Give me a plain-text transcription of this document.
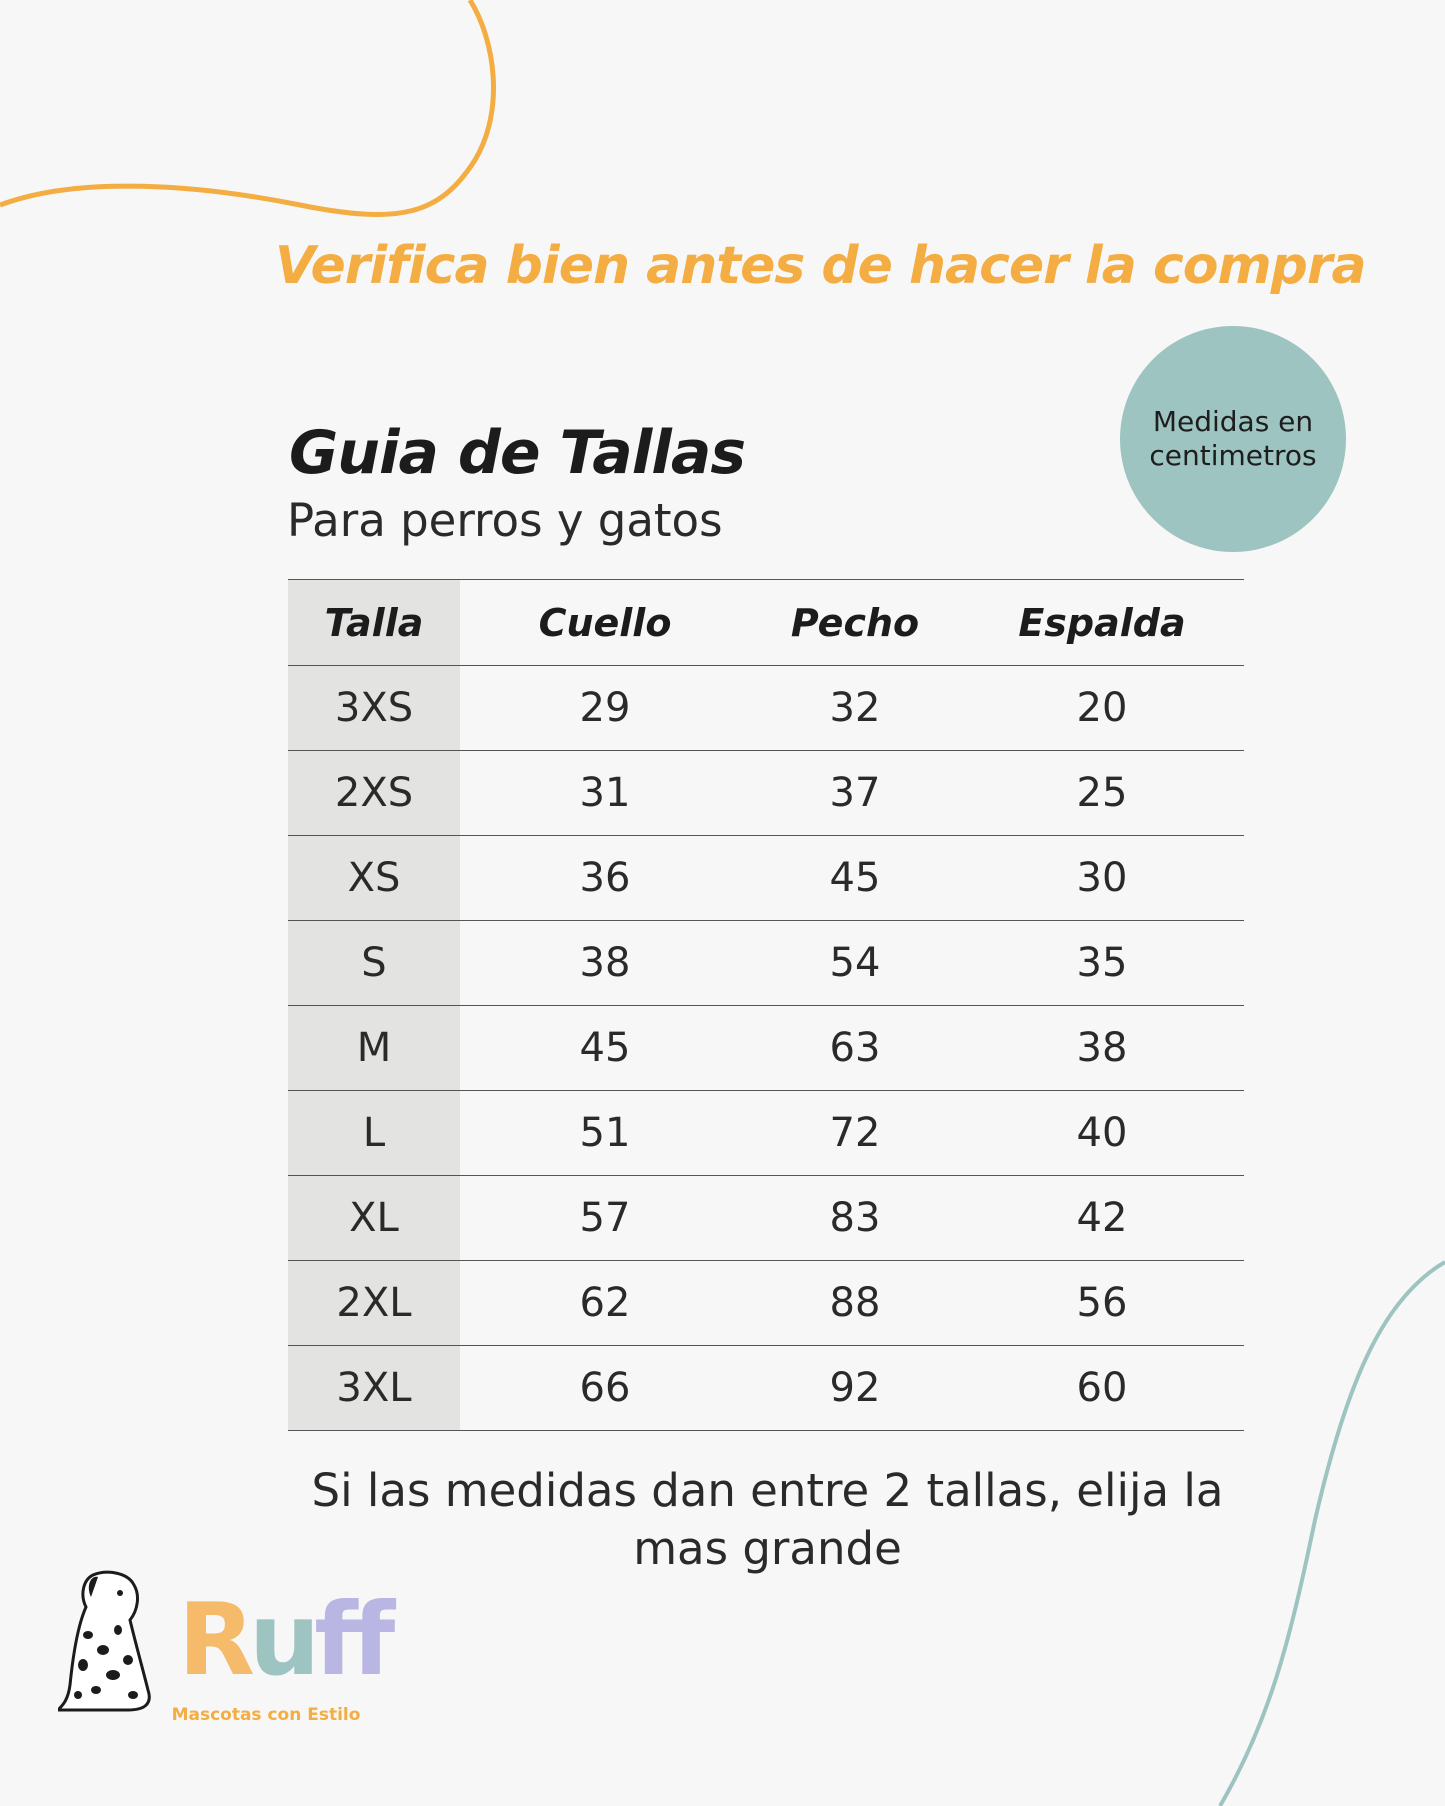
Verifica bien antes de hacer la compra
Medidas en centimetros
Guia de Tallas
Para perros y gatos
Talla	Cuello	Pecho	Espalda
3XS	29	32	20
2XS	31	37	25
XS	36	45	30
S	38	54	35
M	45	63	38
L	51	72	40
XL	57	83	42
2XL	62	88	56
3XL	66	92	60
Si las medidas dan entre 2 tallas, elija la mas grande
Ruff
Mascotas con Estilo
